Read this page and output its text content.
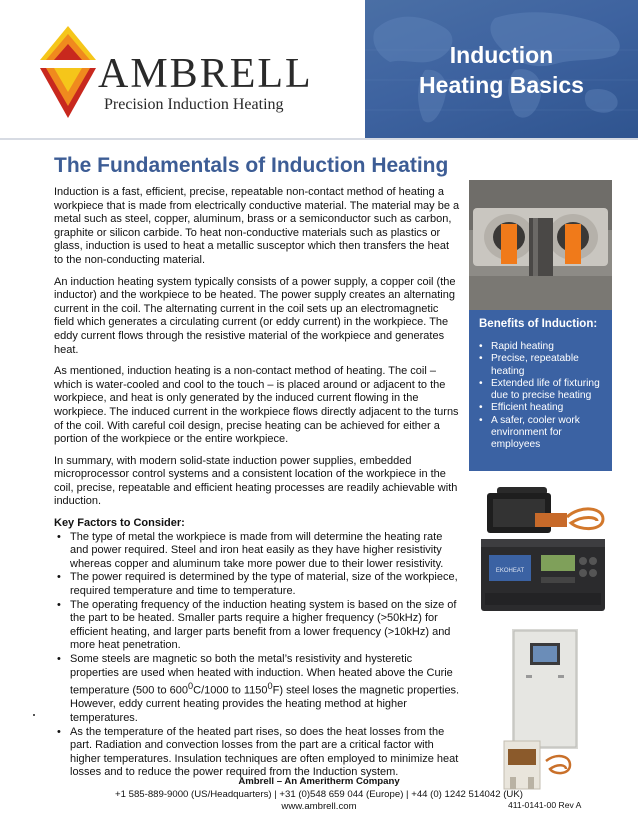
AMBRELL
Precision Induction Heating
Induction
Heating Basics
The Fundamentals of Induction Heating

Induction is a fast, efficient, precise, repeatable non-contact method of heating a workpiece that is made from electrically conductive material. The material may be a metal such as steel, copper, aluminum, brass or a semiconductor such as carbon, graphite or silicon carbide. To heat non-conductive materials such as plastics or glass, induction is used to heat a metallic susceptor which then transfers the heat to the non-conducting material.

An induction heating system typically consists of a power supply, a copper coil (the inductor) and the workpiece to be heated. The power supply creates an alternating current in the coil. The alternating current in the coil sets up an electromagnetic field which generates a circulating current (or eddy current) in the workpiece. The eddy current flows through the resistive material of the workpiece and generates heat.

As mentioned, induction heating is a non-contact method of heating. The coil – which is water-cooled and cool to the touch – is placed around or adjacent to the workpiece, and heat is only generated by the induced current flowing in the workpiece. The induced current in the workpiece flows directly adjacent to the turns of the coil. With careful coil design, precise heating can be achieved for either a portion of the workpiece or the entire workpiece.

In summary, with modern solid-state induction power supplies, embedded microprocessor control systems and a consistent location of the workpiece in the coil, precise, repeatable and efficient heating processes are readily achievable with induction.

Key Factors to Consider:
• The type of metal the workpiece is made from will determine the heating rate and power required. Steel and iron heat easily as they have higher resistivity whereas copper and aluminum take more power due to their lower resistivity.
• The power required is determined by the type of material, size of the workpiece, required temperature and time to temperature.
• The operating frequency of the induction heating system is based on the size of the part to be heated. Smaller parts require a higher frequency (>50kHz) for efficient heating, and larger parts benefit from a lower frequency (>10kHz) and more heat penetration.
• Some steels are magnetic so both the metal’s resistivity and hysteretic properties are used when heated with induction. When heated above the Curie temperature (500 to $600^0C/1000$ to 1150$^0$F) steel loses the magnetic properties. However, eddy current heating provides the heating method at higher temperatures.
• As the temperature of the heated part rises, so does the heat losses from the part. Radiation and convection losses from the part are a critical factor with higher temperatures. Insulation techniques are often employed to minimize heat losses and to reduce the power required from the Induction system.
Benefits of Induction:
• Rapid heating
• Precise, repeatable heating
• Extended life of fixturing due to precise heating
• Efficient heating
• A safer, cooler work environment for employees
EKOHEAT
Ambrell – An Ameritherm Company
+1 585-889-9000 (US/Headquarters) | +31 (0)548 659 044 (Europe) | +44 (0) 1242 514042 (UK)
www.ambrell.com	411-0141-00 Rev A
